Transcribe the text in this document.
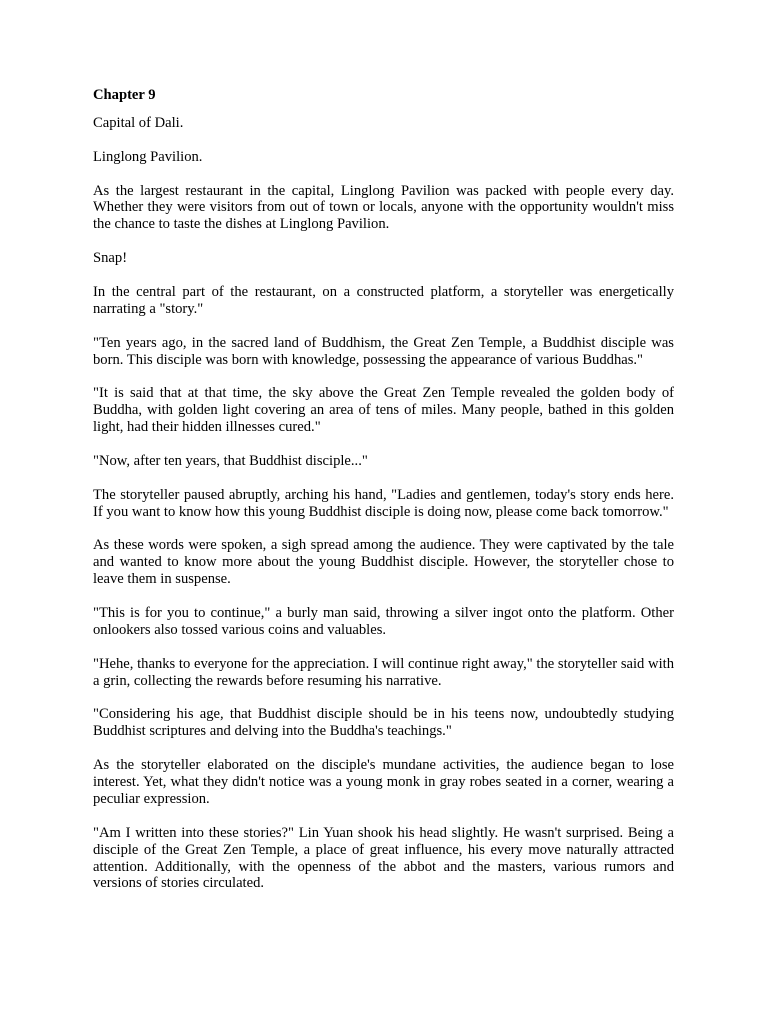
Chapter 9

Capital of Dali.

Linglong Pavilion.

As the largest restaurant in the capital, Linglong Pavilion was packed with people every day. Whether they were visitors from out of town or locals, anyone with the opportunity wouldn't miss the chance to taste the dishes at Linglong Pavilion.

Snap!

In the central part of the restaurant, on a constructed platform, a storyteller was energetically narrating a "story."

"Ten years ago, in the sacred land of Buddhism, the Great Zen Temple, a Buddhist disciple was born. This disciple was born with knowledge, possessing the appearance of various Buddhas."

"It is said that at that time, the sky above the Great Zen Temple revealed the golden body of Buddha, with golden light covering an area of tens of miles. Many people, bathed in this golden light, had their hidden illnesses cured."

"Now, after ten years, that Buddhist disciple..."

The storyteller paused abruptly, arching his hand, "Ladies and gentlemen, today's story ends here. If you want to know how this young Buddhist disciple is doing now, please come back tomorrow."

As these words were spoken, a sigh spread among the audience. They were captivated by the tale and wanted to know more about the young Buddhist disciple. However, the storyteller chose to leave them in suspense.

"This is for you to continue," a burly man said, throwing a silver ingot onto the platform. Other onlookers also tossed various coins and valuables.

"Hehe, thanks to everyone for the appreciation. I will continue right away," the storyteller said with a grin, collecting the rewards before resuming his narrative.

"Considering his age, that Buddhist disciple should be in his teens now, undoubtedly studying Buddhist scriptures and delving into the Buddha's teachings."

As the storyteller elaborated on the disciple's mundane activities, the audience began to lose interest. Yet, what they didn't notice was a young monk in gray robes seated in a corner, wearing a peculiar expression.

"Am I written into these stories?" Lin Yuan shook his head slightly. He wasn't surprised. Being a disciple of the Great Zen Temple, a place of great influence, his every move naturally attracted attention. Additionally, with the openness of the abbot and the masters, various rumors and versions of stories circulated.
